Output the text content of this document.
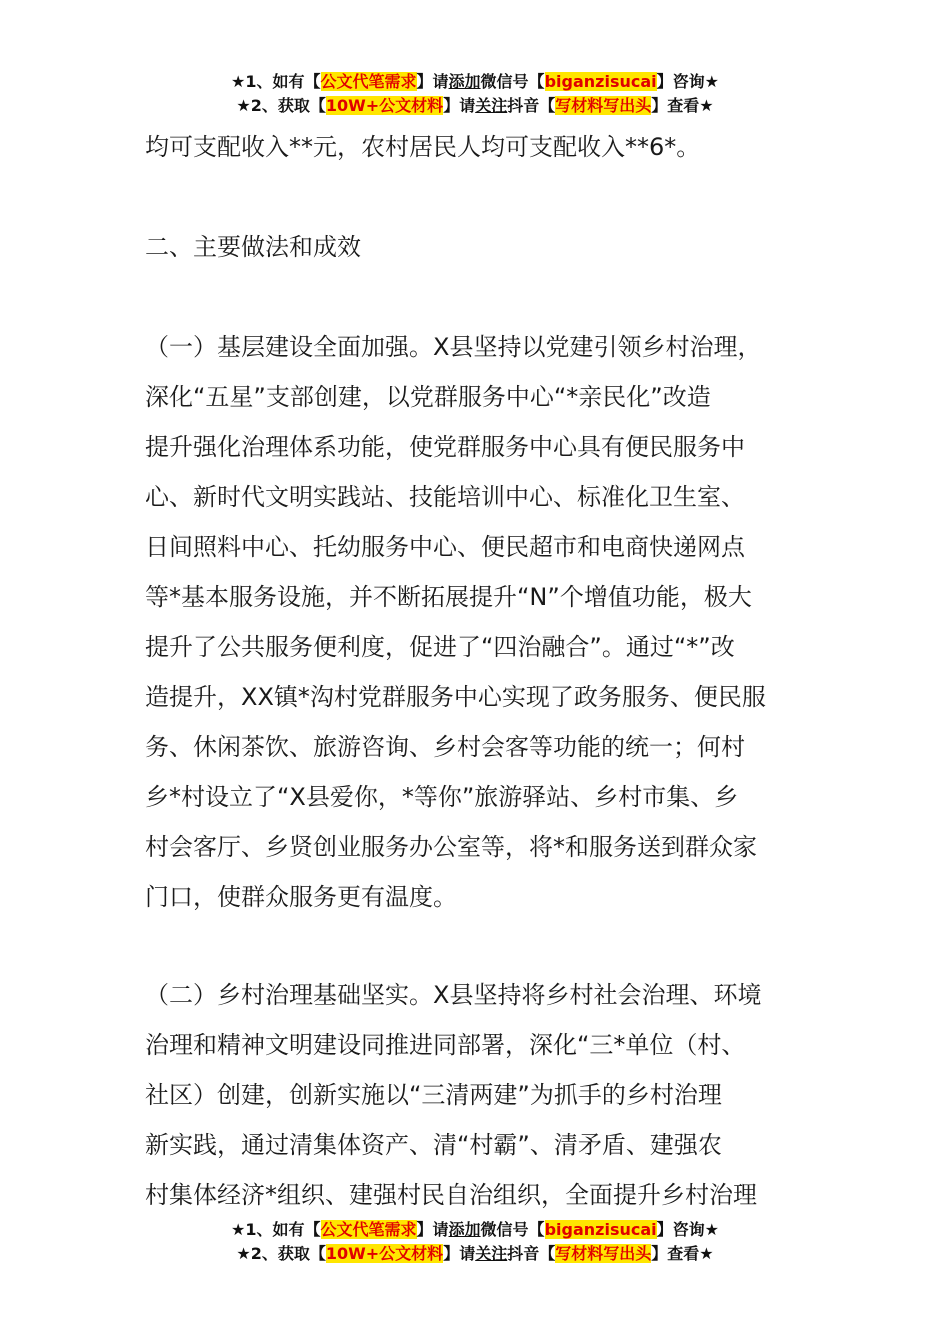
★1、如有【公文代笔需求】请添加微信号【biganzisucai】咨询★
★2、获取【10W+公文材料】请关注抖音【写材料写出头】查看★
均可支配收入**元，农村居民人均可支配收入**6*。
二、主要做法和成效
（一）基层建设全面加强。X县坚持以党建引领乡村治理，
深化“五星”支部创建，以党群服务中心“*亲民化”改造
提升强化治理体系功能，使党群服务中心具有便民服务中
心、新时代文明实践站、技能培训中心、标准化卫生室、
日间照料中心、托幼服务中心、便民超市和电商快递网点
等*基本服务设施，并不断拓展提升“N”个增值功能，极大
提升了公共服务便利度，促进了“四治融合”。通过“*”改
造提升，XX镇*沟村党群服务中心实现了政务服务、便民服
务、休闲茶饮、旅游咨询、乡村会客等功能的统一；何村
乡*村设立了“X县爱你，*等你”旅游驿站、乡村市集、乡
村会客厅、乡贤创业服务办公室等，将*和服务送到群众家
门口，使群众服务更有温度。
（二）乡村治理基础坚实。X县坚持将乡村社会治理、环境
治理和精神文明建设同推进同部署，深化“三*单位（村、
社区）创建，创新实施以“三清两建”为抓手的乡村治理
新实践，通过清集体资产、清“村霸”、清矛盾、建强农
村集体经济*组织、建强村民自治组织，全面提升乡村治理
★1、如有【公文代笔需求】请添加微信号【biganzisucai】咨询★
★2、获取【10W+公文材料】请关注抖音【写材料写出头】查看★
